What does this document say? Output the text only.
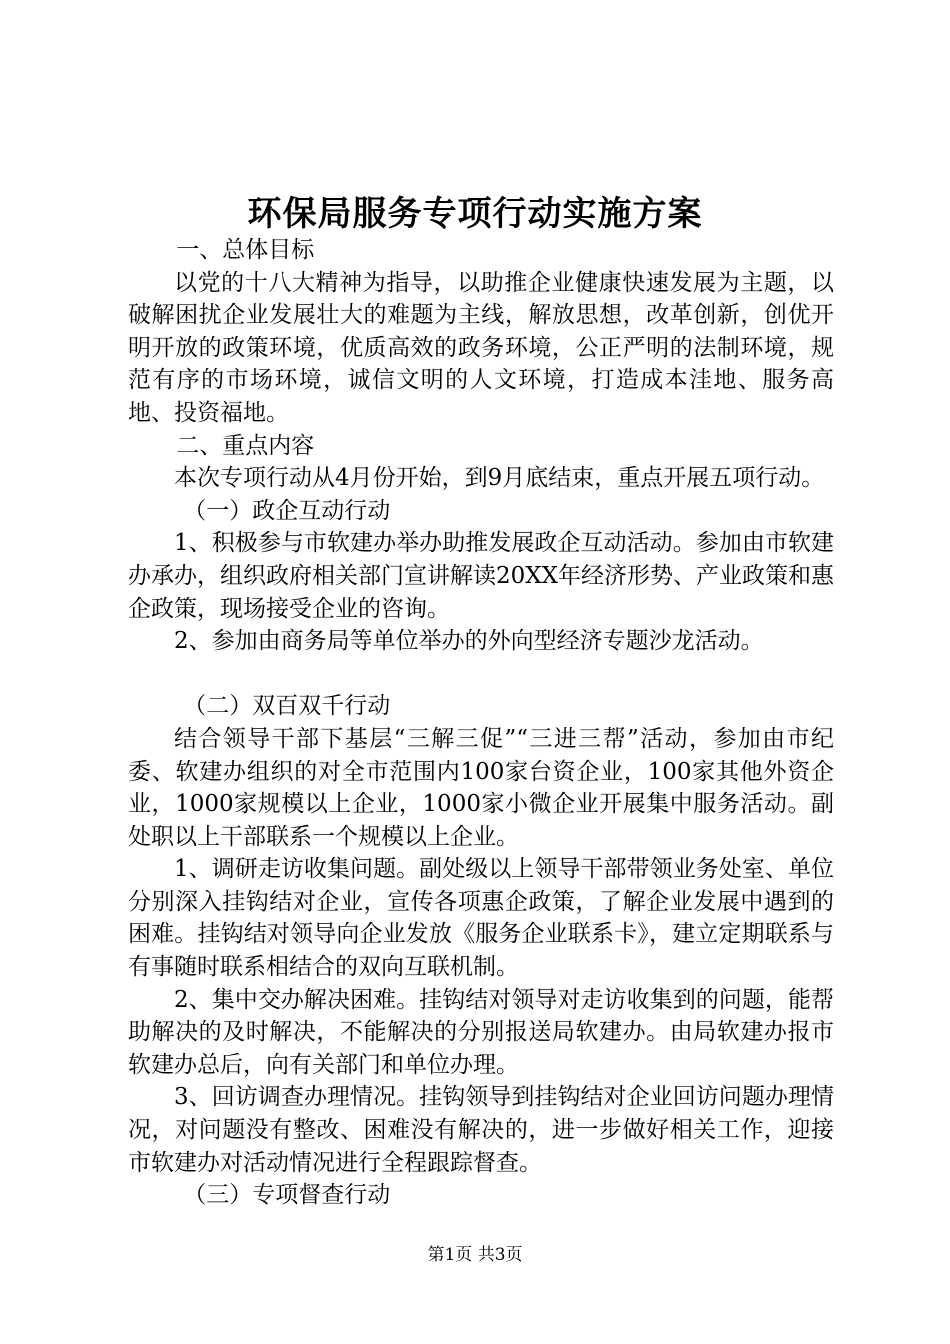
环保局服务专项行动实施方案

一、总体目标

以党的十八大精神为指导，以助推企业健康快速发展为主题，以破解困扰企业发展壮大的难题为主线，解放思想，改革创新，创优开明开放的政策环境，优质高效的政务环境，公正严明的法制环境，规范有序的市场环境，诚信文明的人文环境，打造成本洼地、服务高地、投资福地。

二、重点内容

本次专项行动从4月份开始，到9月底结束，重点开展五项行动。

（一）政企互动行动

1、积极参与市软建办举办助推发展政企互动活动。参加由市软建办承办，组织政府相关部门宣讲解读20XX年经济形势、产业政策和惠企政策，现场接受企业的咨询。

2、参加由商务局等单位举办的外向型经济专题沙龙活动。

（二）双百双千行动

结合领导干部下基层“三解三促”“三进三帮”活动，参加由市纪委、软建办组织的对全市范围内100家台资企业，100家其他外资企业，1000家规模以上企业，1000家小微企业开展集中服务活动。副处职以上干部联系一个规模以上企业。

1、调研走访收集问题。副处级以上领导干部带领业务处室、单位分别深入挂钩结对企业，宣传各项惠企政策，了解企业发展中遇到的困难。挂钩结对领导向企业发放《服务企业联系卡》，建立定期联系与有事随时联系相结合的双向互联机制。

2、集中交办解决困难。挂钩结对领导对走访收集到的问题，能帮助解决的及时解决，不能解决的分别报送局软建办。由局软建办报市软建办总后，向有关部门和单位办理。

3、回访调查办理情况。挂钩领导到挂钩结对企业回访问题办理情况，对问题没有整改、困难没有解决的，进一步做好相关工作，迎接市软建办对活动情况进行全程跟踪督查。

（三）专项督查行动

第1页 共3页
